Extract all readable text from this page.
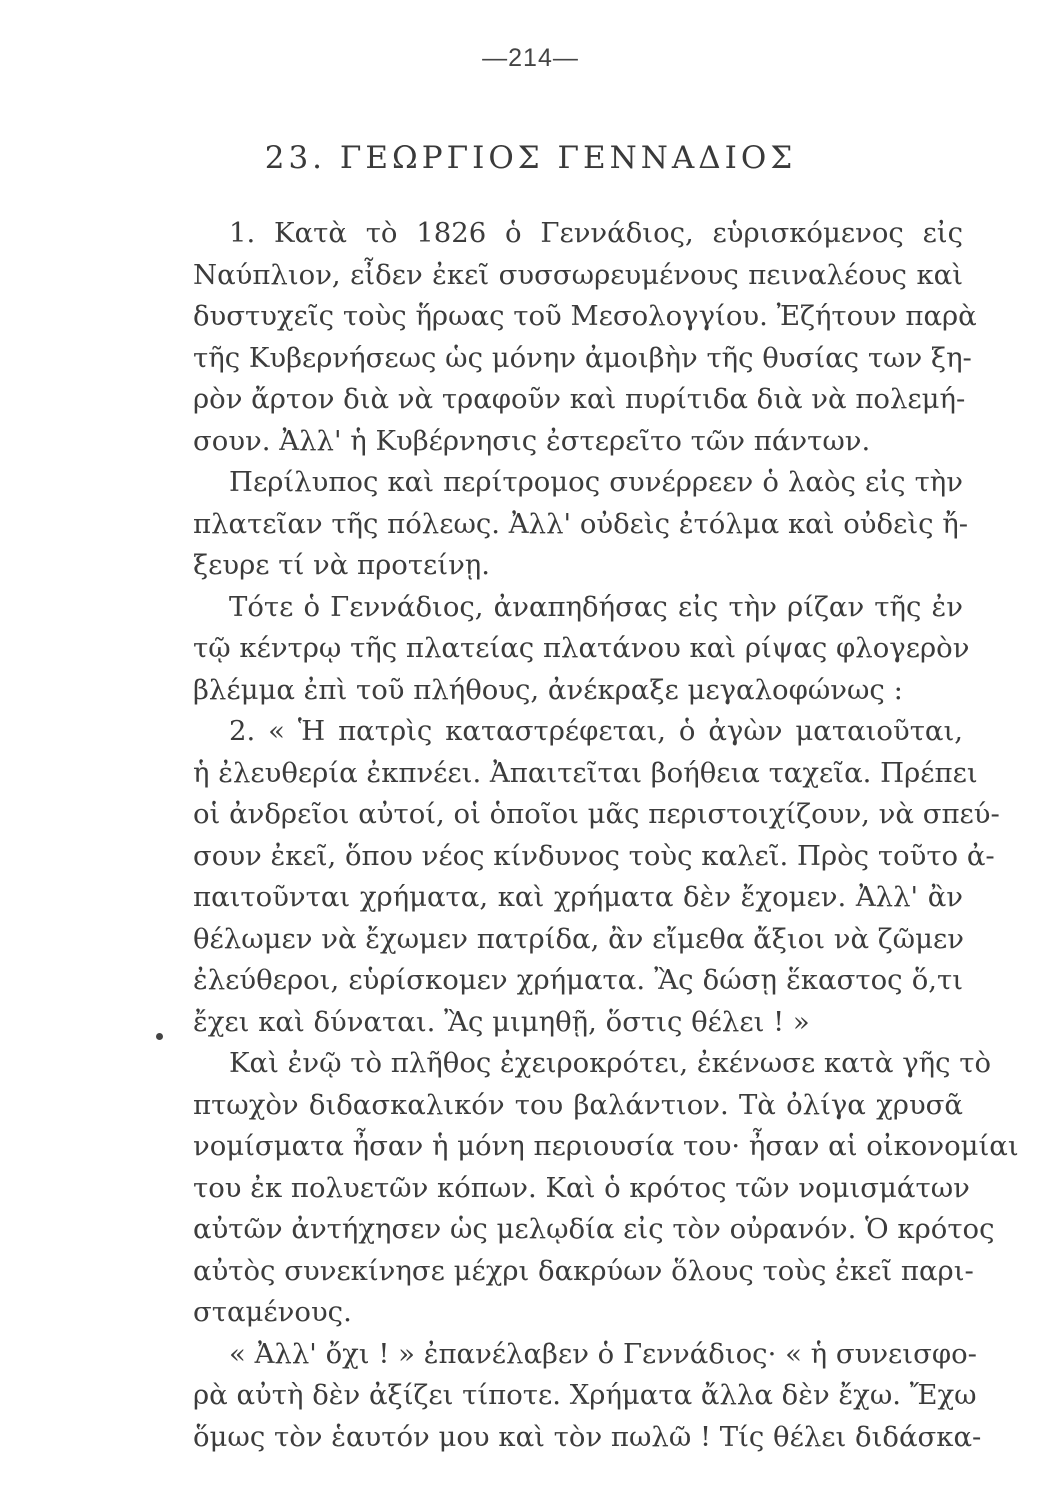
—214—
23. ΓΕΩΡΓΙΟΣ ΓΕΝΝΑΔΙΟΣ
1. Κατὰ τὸ 1826 ὁ Γεννάδιος, εὑρισκόμενος εἰς
Ναύπλιον, εἶδεν ἐκεῖ συσσωρευμένους πειναλέους καὶ
δυστυχεῖς τοὺς ἥρωας τοῦ Μεσολογγίου. Ἐζήτουν παρὰ
τῆς Κυβερνήσεως ὡς μόνην ἀμοιβὴν τῆς θυσίας των ξη-
ρὸν ἄρτον διὰ νὰ τραφοῦν καὶ πυρίτιδα διὰ νὰ πολεμή-
σουν. Ἀλλ' ἡ Κυβέρνησις ἐστερεῖτο τῶν πάντων.
Περίλυπος καὶ περίτρομος συνέρρεεν ὁ λαὸς εἰς τὴν
πλατεῖαν τῆς πόλεως. Ἀλλ' οὐδεὶς ἐτόλμα καὶ οὐδεὶς ἤ-
ξευρε τί νὰ προτείνῃ.
Τότε ὁ Γεννάδιος, ἀναπηδήσας εἰς τὴν ρίζαν τῆς ἐν
τῷ κέντρῳ τῆς πλατείας πλατάνου καὶ ρίψας φλογερὸν
βλέμμα ἐπὶ τοῦ πλήθους, ἀνέκραξε μεγαλοφώνως :
2. « Ἡ πατρὶς καταστρέφεται, ὁ ἀγὼν ματαιοῦται,
ἡ ἐλευθερία ἐκπνέει. Ἀπαιτεῖται βοήθεια ταχεῖα. Πρέπει
οἱ ἀνδρεῖοι αὐτοί, οἱ ὁποῖοι μᾶς περιστοιχίζουν, νὰ σπεύ-
σουν ἐκεῖ, ὅπου νέος κίνδυνος τοὺς καλεῖ. Πρὸς τοῦτο ἀ-
παιτοῦνται χρήματα, καὶ χρήματα δὲν ἔχομεν. Ἀλλ' ἂν
θέλωμεν νὰ ἔχωμεν πατρίδα, ἂν εἴμεθα ἄξιοι νὰ ζῶμεν
ἐλεύθεροι, εὑρίσκομεν χρήματα. Ἂς δώσῃ ἕκαστος ὅ,τι
ἔχει καὶ δύναται. Ἂς μιμηθῇ, ὅστις θέλει ! »
Καὶ ἐνῷ τὸ πλῆθος ἐχειροκρότει, ἐκένωσε κατὰ γῆς τὸ
πτωχὸν διδασκαλικόν του βαλάντιον. Τὰ ὀλίγα χρυσᾶ
νομίσματα ἦσαν ἡ μόνη περιουσία του· ἦσαν αἱ οἰκονομίαι
του ἐκ πολυετῶν κόπων. Καὶ ὁ κρότος τῶν νομισμάτων
αὐτῶν ἀντήχησεν ὡς μελῳδία εἰς τὸν οὐρανόν. Ὁ κρότος
αὐτὸς συνεκίνησε μέχρι δακρύων ὅλους τοὺς ἐκεῖ παρι-
σταμένους.
« Ἀλλ' ὄχι ! » ἐπανέλαβεν ὁ Γεννάδιος· « ἡ συνεισφο-
ρὰ αὐτὴ δὲν ἀξίζει τίποτε. Χρήματα ἄλλα δὲν ἔχω. Ἔχω
ὅμως τὸν ἑαυτόν μου καὶ τὸν πωλῶ ! Τίς θέλει διδάσκα-
